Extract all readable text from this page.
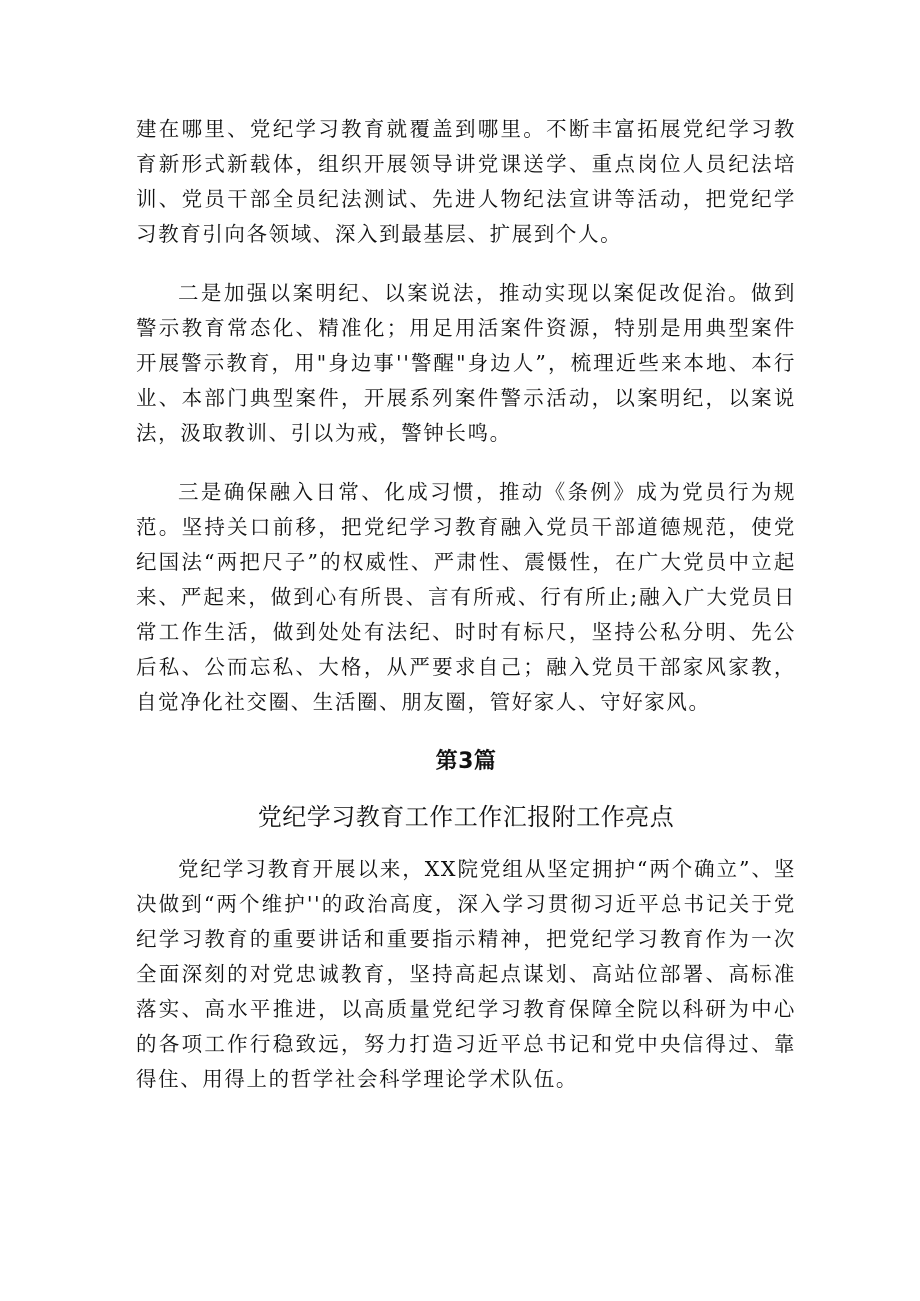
建在哪里、党纪学习教育就覆盖到哪里。不断丰富拓展党纪学习教育新形式新载体，组织开展领导讲党课送学、重点岗位人员纪法培训、党员干部全员纪法测试、先进人物纪法宣讲等活动，把党纪学习教育引向各领域、深入到最基层、扩展到个人。

二是加强以案明纪、以案说法，推动实现以案促改促治。做到警示教育常态化、精准化；用足用活案件资源，特别是用典型案件开展警示教育，用"身边事''警醒"身边人”，梳理近些来本地、本行业、本部门典型案件，开展系列案件警示活动，以案明纪，以案说法，汲取教训、引以为戒，警钟长鸣。

三是确保融入日常、化成习惯，推动《条例》成为党员行为规范。坚持关口前移，把党纪学习教育融入党员干部道德规范，使党纪国法“两把尺子”的权威性、严肃性、震慑性，在广大党员中立起来、严起来，做到心有所畏、言有所戒、行有所止;融入广大党员日常工作生活，做到处处有法纪、时时有标尺，坚持公私分明、先公后私、公而忘私、大格，从严要求自己；融入党员干部家风家教，自觉净化社交圈、生活圈、朋友圈，管好家人、守好家风。

第3篇
党纪学习教育工作工作汇报附工作亮点

党纪学习教育开展以来，XX院党组从坚定拥护“两个确立”、坚决做到“两个维护''的政治高度，深入学习贯彻习近平总书记关于党纪学习教育的重要讲话和重要指示精神，把党纪学习教育作为一次全面深刻的对党忠诚教育，坚持高起点谋划、高站位部署、高标准落实、高水平推进，以高质量党纪学习教育保障全院以科研为中心的各项工作行稳致远，努力打造习近平总书记和党中央信得过、靠得住、用得上的哲学社会科学理论学术队伍。
